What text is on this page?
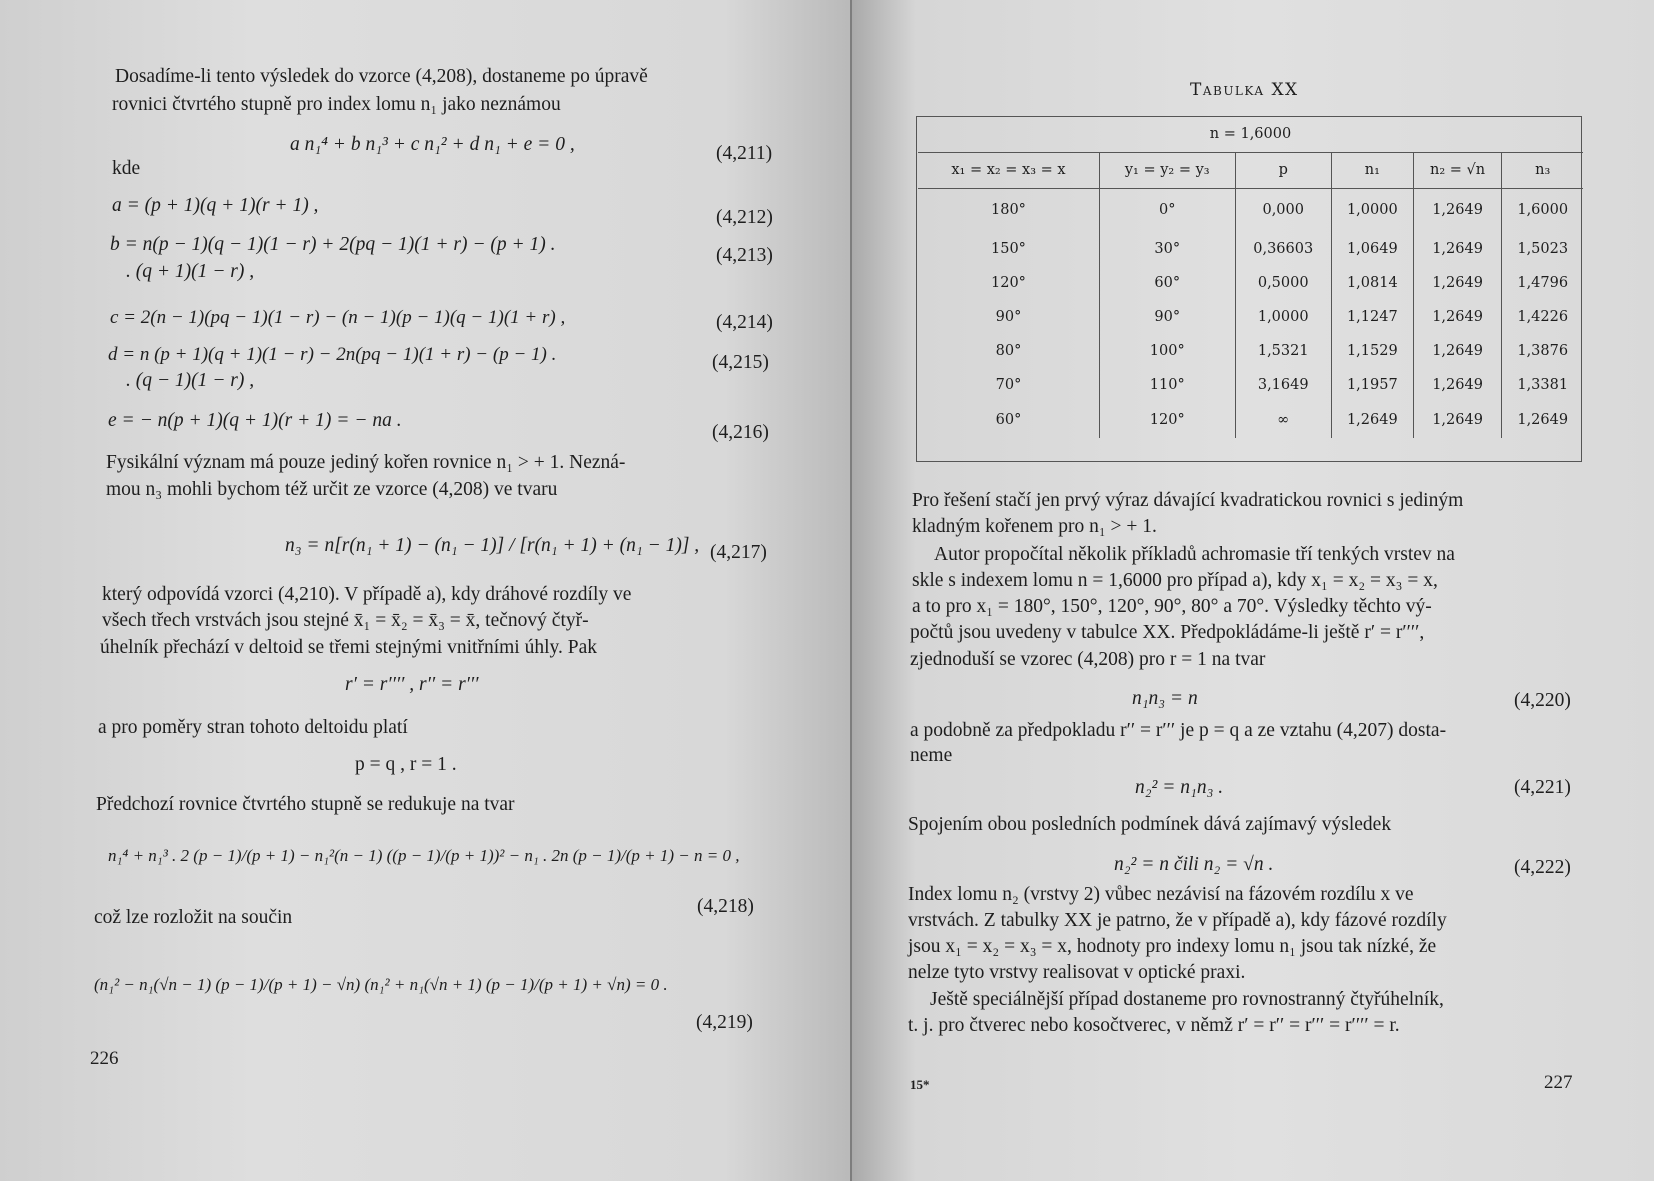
Dosadíme-li tento výsledek do vzorce (4,208), dostaneme po úpravě
rovnici čtvrtého stupně pro index lomu n₁ jako neznámou
a n₁⁴ + b n₁³ + c n₁² + d n₁ + e = 0 ,	(4,211)
kde
a = (p + 1)(q + 1)(r + 1) ,
(4,212)
b = n(p − 1)(q − 1)(1 − r) + 2(pq − 1)(1 + r) − (p + 1) .
(4,213)
. (q + 1)(1 − r) ,
c = 2(n − 1)(pq − 1)(1 − r) − (n − 1)(p − 1)(q − 1)(1 + r) ,	(4,214)
d = n (p + 1)(q + 1)(1 − r) − 2n(pq − 1)(1 + r) − (p − 1) .	(4,215)
. (q − 1)(1 − r) ,
e = − n(p + 1)(q + 1)(r + 1) = − na .
(4,216)
Fysikální význam má pouze jediný kořen rovnice n₁ > + 1. Nezná-
mou n₃ mohli bychom též určit ze vzorce (4,208) ve tvaru
n₃ = n[r(n₁ + 1) − (n₁ − 1)] / [r(n₁ + 1) + (n₁ − 1)] , (4,217)
který odpovídá vzorci (4,210). V případě a), kdy dráhové rozdíly ve
všech třech vrstvách jsou stejné x̄₁ = x̄₂ = x̄₃ = x̄, tečnový čtyř-
úhelník přechází v deltoid se třemi stejnými vnitřními úhly. Pak
r′ = r′′′′ , r′′ = r′′′
a pro poměry stran tohoto deltoidu platí
p = q , r = 1 .
Předchozí rovnice čtvrtého stupně se redukuje na tvar
n₁⁴ + n₁³ . 2 (p − 1)/(p + 1) − n₁²(n − 1) ((p − 1)/(p + 1))² − n₁ . 2n (p − 1)/(p + 1) − n = 0 ,
(4,218)
což lze rozložit na součin
(n₁² − n₁(√n − 1) (p − 1)/(p + 1) − √n) (n₁² + n₁(√n + 1) (p − 1)/(p + 1) + √n) = 0 .
(4,219)
226
Tabulka XX
n = 1,6000					
x₁ = x₂ = x₃ = x	y₁ = y₂ = y₃	p	n₁	n₂ = √n	n₃
180°	0°	0,000	1,0000	1,2649	1,6000
150°	30°	0,36603	1,0649	1,2649	1,5023
120°	60°	0,5000	1,0814	1,2649	1,4796
90°	90°	1,0000	1,1247	1,2649	1,4226
80°	100°	1,5321	1,1529	1,2649	1,3876
70°	110°	3,1649	1,1957	1,2649	1,3381
60°	120°	∞	1,2649	1,2649	1,2649
Pro řešení stačí jen prvý výraz dávající kvadratickou rovnici s jediným
kladným kořenem pro n₁ > + 1.
Autor propočítal několik příkladů achromasie tří tenkých vrstev na
skle s indexem lomu n = 1,6000 pro případ a), kdy x₁ = x₂ = x₃ = x,
a to pro x₁ = 180°, 150°, 120°, 90°, 80° a 70°. Výsledky těchto vý-
počtů jsou uvedeny v tabulce XX. Předpokládáme-li ještě r′ = r′′′′,
zjednoduší se vzorec (4,208) pro r = 1 na tvar
n₁n₃ = n	(4,220)
a podobně za předpokladu r′′ = r′′′ je p = q a ze vztahu (4,207) dosta-
neme
n₂² = n₁n₃ .	(4,221)
Spojením obou posledních podmínek dává zajímavý výsledek
n₂² = n čili n₂ = √n .	(4,222)
Index lomu n₂ (vrstvy 2) vůbec nezávisí na fázovém rozdílu x ve
vrstvách. Z tabulky XX je patrno, že v případě a), kdy fázové rozdíly
jsou x₁ = x₂ = x₃ = x, hodnoty pro indexy lomu n₁ jsou tak nízké, že
nelze tyto vrstvy realisovat v optické praxi.
Ještě speciálnější případ dostaneme pro rovnostranný čtyřúhelník,
t. j. pro čtverec nebo kosočtverec, v němž r′ = r′′ = r′′′ = r′′′′ = r.
15*	227
